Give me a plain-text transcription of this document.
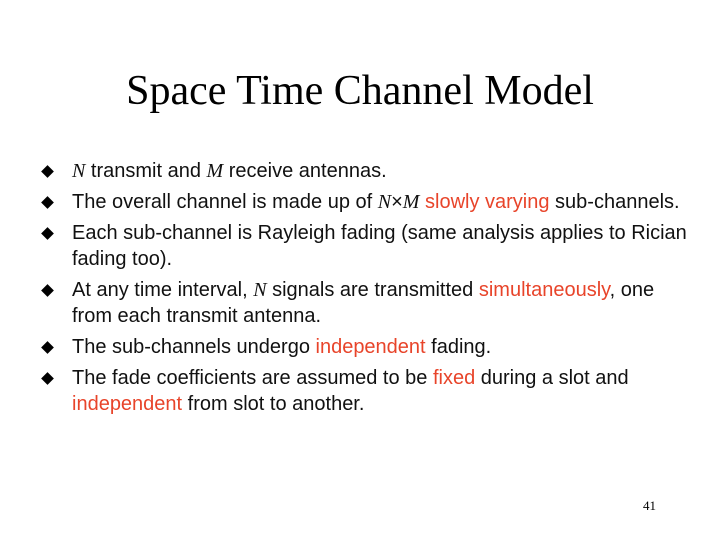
Space Time Channel Model
N transmit and M receive antennas.
The overall channel is made up of N×M slowly varying sub-channels.
Each sub-channel is Rayleigh fading (same analysis applies to Rician fading too).
At any time interval, N signals are transmitted simultaneously, one from each transmit antenna.
The sub-channels undergo independent fading.
The fade coefficients are assumed to be fixed during a slot and independent from slot to another.
41
